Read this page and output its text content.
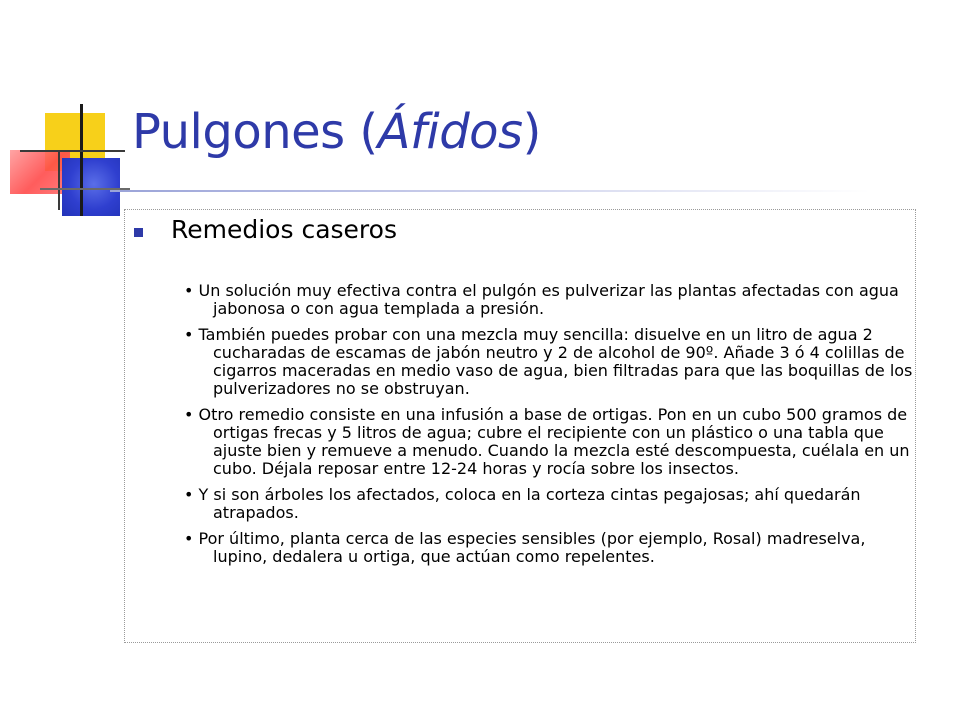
Pulgones (Áfidos)
Remedios caseros
• Un solución muy efectiva contra el pulgón es pulverizar las plantas afectadas con agua jabonosa o con agua templada a presión.
• También puedes probar con una mezcla muy sencilla: disuelve en un litro de agua 2 cucharadas de escamas de jabón neutro y 2 de alcohol de 90º. Añade 3 ó 4 colillas de cigarros maceradas en medio vaso de agua, bien filtradas para que las boquillas de los pulverizadores no se obstruyan.
• Otro remedio consiste en una infusión a base de ortigas. Pon en un cubo 500 gramos de ortigas frecas y 5 litros de agua; cubre el recipiente con un plástico o una tabla que ajuste bien y remueve a menudo. Cuando la mezcla esté descompuesta, cuélala en un cubo. Déjala reposar entre 12-24 horas y rocía sobre los insectos.
• Y si son árboles los afectados, coloca en la corteza cintas pegajosas; ahí quedarán atrapados.
• Por último, planta cerca de las especies sensibles (por ejemplo, Rosal) madreselva, lupino, dedalera u ortiga, que actúan como repelentes.
